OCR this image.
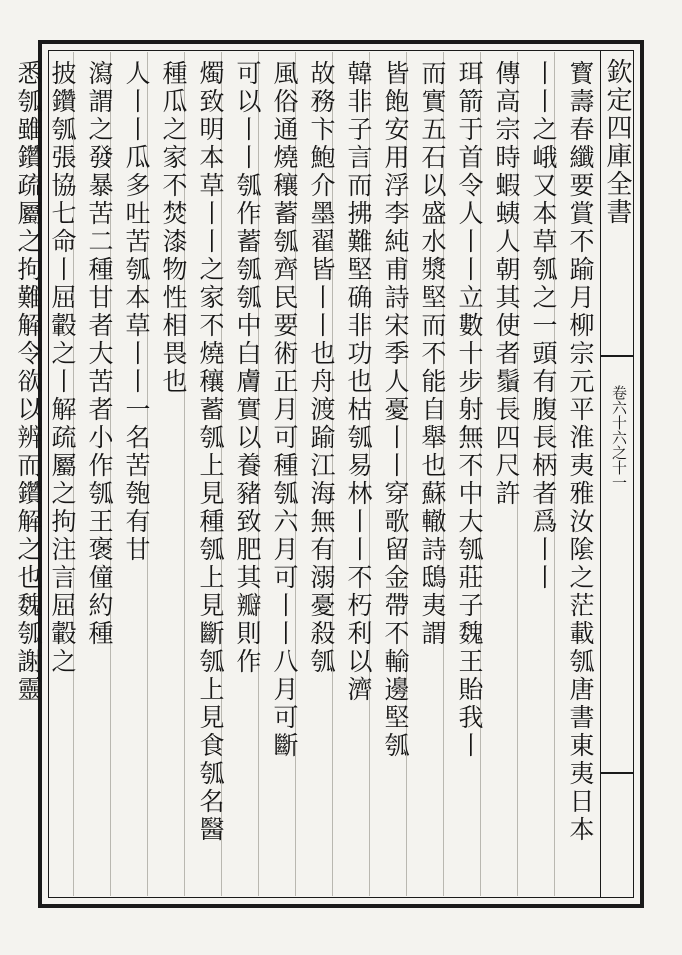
欽定四庫全書
卷六十六之十一
寳壽春纖要賞不踰月柳宗元平淮夷雅汝隂之茫載瓠唐書東夷日本
丨丨之峨又本草瓠之一頭有腹長柄者爲丨丨
傳高宗時蝦蛦人朝其使者鬚長四尺許
珥箭于首令人丨丨立數十步射無不中大瓠莊子魏王貽我丨
而實五石以盛水漿堅而不能自舉也蘇轍詩鴟夷謂
皆飽安用浮李純甫詩宋季人憂丨丨穿歌留金帶不輸邊堅瓠
韓非子言而拂難堅确非功也枯瓠易林丨丨不朽利以濟
故務卞鮑介墨翟皆丨丨也舟渡踰江海無有溺憂殺瓠
風俗通燒穰蓄瓠齊民要術正月可種瓠六月可丨丨八月可斷
可以丨丨瓠作蓄瓠瓠中白膚實以養豬致肥其瓣則作
燭致明本草丨丨之家不燒穰蓄瓠上見種瓠上見斷瓠上見食瓠名醫
種瓜之家不焚漆物性相畏也
人丨丨瓜多吐苦瓠本草丨丨一名苦匏有甘
瀉謂之發暴苦二種甘者大苦者小作瓠王褒僮約種
披鑽瓠張協七命丨屈轂之丨解疏屬之拘注言屈轂之
悉瓠雖鑽疏屬之拘難解令欲以辨而鑽解之也魏瓠謝靈
